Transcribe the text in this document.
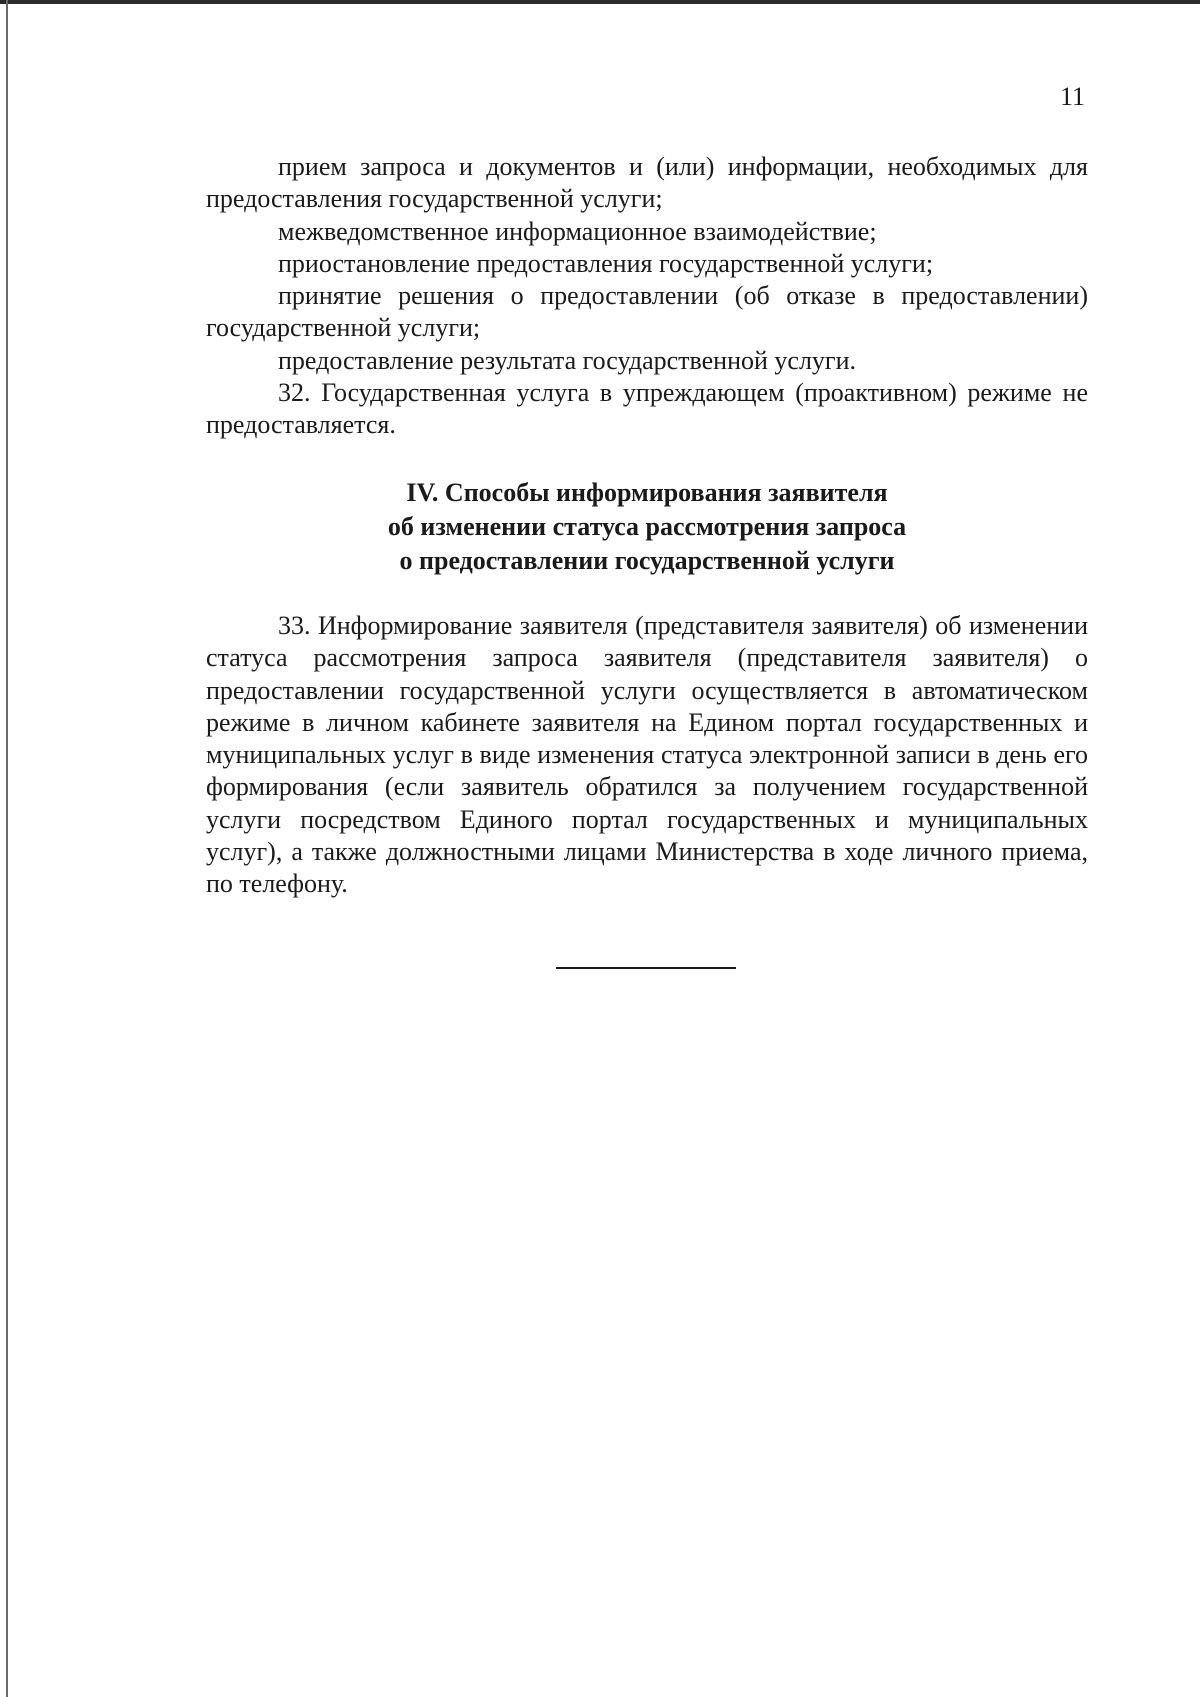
11

прием запроса и документов и (или) информации, необходимых для предоставления государственной услуги;

межведомственное информационное взаимодействие;

приостановление предоставления государственной услуги;

принятие решения о предоставлении (об отказе в предоставлении) государственной услуги;

предоставление результата государственной услуги.

32. Государственная услуга в упреждающем (проактивном) режиме не предоставляется.

IV. Способы информирования заявителя
об изменении статуса рассмотрения запроса
о предоставлении государственной услуги

33. Информирование заявителя (представителя заявителя) об изменении статуса рассмотрения запроса заявителя (представителя заявителя) о предоставлении государственной услуги осуществляется в автоматическом режиме в личном кабинете заявителя на Едином портал государственных и муниципальных услуг в виде изменения статуса электронной записи в день его формирования (если заявитель обратился за получением государственной услуги посредством Единого портал государственных и муниципальных услуг), а также должностными лицами Министерства в ходе личного приема, по телефону.
